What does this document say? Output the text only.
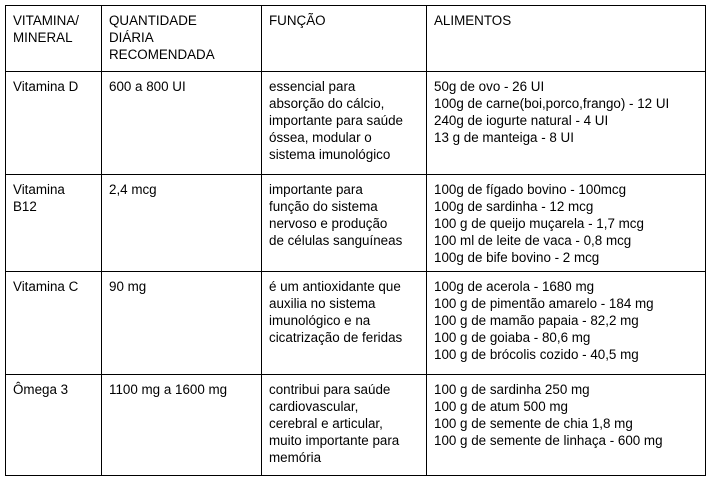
VITAMINA/
MINERAL	QUANTIDADE
DIÁRIA
RECOMENDADA	FUNÇÃO	ALIMENTOS

Vitamina D	600 a 800 UI	essencial para
absorção do cálcio,
importante para saúde
óssea, modular o
sistema imunológico	50g de ovo - 26 UI
100g de carne(boi,porco,frango) - 12 UI
240g de iogurte natural - 4 UI
13 g de manteiga - 8 UI

Vitamina
B12	2,4 mcg	importante para
função do sistema
nervoso e produção
de células sanguíneas	100g de fígado bovino - 100mcg
100g de sardinha - 12 mcg
100 g de queijo muçarela - 1,7 mcg
100 ml de leite de vaca - 0,8 mcg
100g de bife bovino - 2 mcg

Vitamina C	90 mg	é um antioxidante que
auxilia no sistema
imunológico e na
cicatrização de feridas	100g de acerola - 1680 mg
100 g de pimentão amarelo - 184 mg
100 g de mamão papaia - 82,2 mg
100 g de goiaba - 80,6 mg
100 g de brócolis cozido - 40,5 mg

Ômega 3	1100 mg a 1600 mg	contribui para saúde
cardiovascular,
cerebral e articular,
muito importante para
memória	100 g de sardinha 250 mg
100 g de atum 500 mg
100 g de semente de chia 1,8 mg
100 g de semente de linhaça - 600 mg
